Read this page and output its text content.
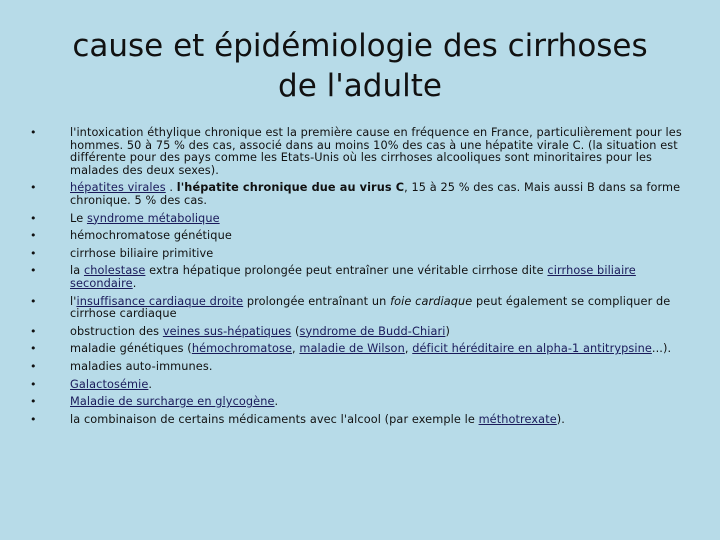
cause et épidémiologie des cirrhoses
de l'adulte
•	l'intoxication éthylique chronique est la première cause en fréquence en France, particulièrement pour les hommes. 50 à 75 % des cas, associé dans au moins 10% des cas à une hépatite virale C. (la situation est différente pour des pays comme les Etats-Unis où les cirrhoses alcooliques sont minoritaires pour les malades des deux sexes).
•	hépatites virales . l'hépatite chronique due au virus C, 15 à 25 % des cas. Mais aussi B dans sa forme chronique. 5 % des cas.
•	Le syndrome métabolique
•	hémochromatose génétique
•	cirrhose biliaire primitive
•	la cholestase extra hépatique prolongée peut entraîner une véritable cirrhose dite cirrhose biliaire secondaire.
•	l'insuffisance cardiaque droite prolongée entraînant un foie cardiaque peut également se compliquer de cirrhose cardiaque
•	obstruction des veines sus-hépatiques (syndrome de Budd-Chiari)
•	maladie génétiques (hémochromatose, maladie de Wilson, déficit héréditaire en alpha-1 antitrypsine...).
•	maladies auto-immunes.
•	Galactosémie.
•	Maladie de surcharge en glycogène.
•	la combinaison de certains médicaments avec l'alcool (par exemple le méthotrexate).
